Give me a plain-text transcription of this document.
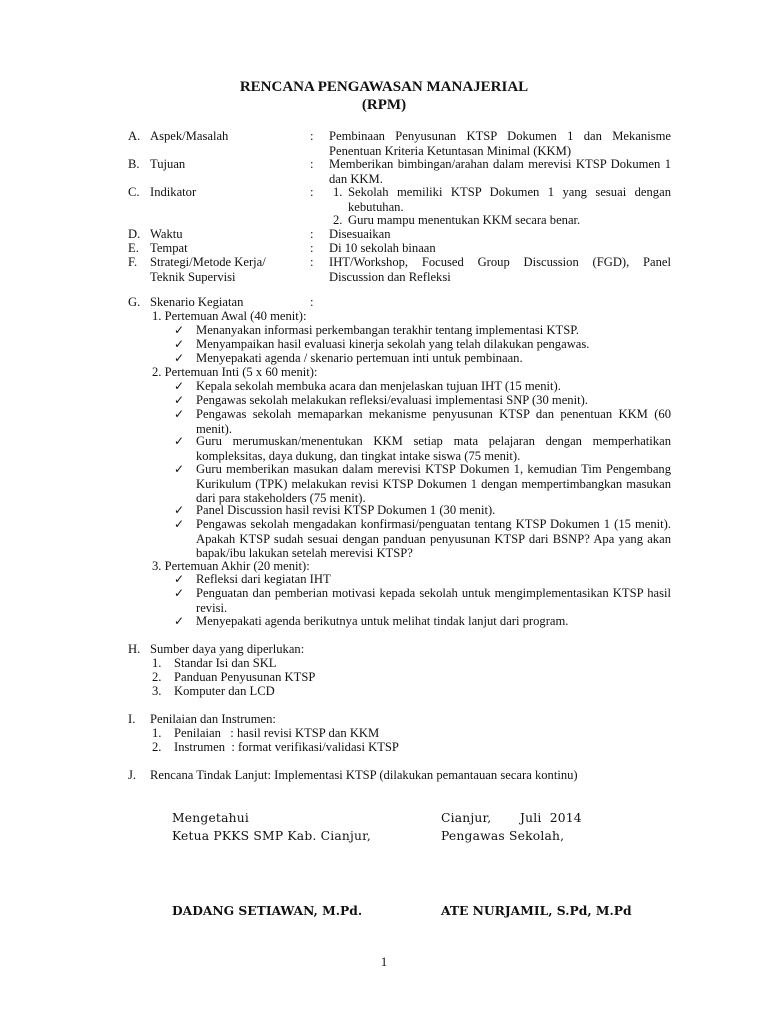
RENCANA PENGAWASAN MANAJERIAL
(RPM)
A. Aspek/Masalah	: Pembinaan Penyusunan KTSP Dokumen 1 dan Mekanisme Penentuan Kriteria Ketuntasan Minimal (KKM)
B. Tujuan	: Memberikan bimbingan/arahan dalam merevisi KTSP Dokumen 1 dan KKM.
C. Indikator	: 1. Sekolah memiliki KTSP Dokumen 1 yang sesuai dengan kebutuhan.
2. Guru mampu menentukan KKM secara benar.
D. Waktu	: Disesuaikan
E. Tempat	: Di 10 sekolah binaan
F. Strategi/Metode Kerja/ Teknik Supervisi
: IHT/Workshop, Focused Group Discussion (FGD), Panel Discussion dan Refleksi
G. Skenario Kegiatan	:
1. Pertemuan Awal (40 menit):
✓ Menanyakan informasi perkembangan terakhir tentang implementasi KTSP.
✓ Menyampaikan hasil evaluasi kinerja sekolah yang telah dilakukan pengawas.
✓ Menyepakati agenda / skenario pertemuan inti untuk pembinaan.
2. Pertemuan Inti (5 x 60 menit):
✓ Kepala sekolah membuka acara dan menjelaskan tujuan IHT (15 menit).
✓ Pengawas sekolah melakukan refleksi/evaluasi implementasi SNP (30 menit).
✓ Pengawas sekolah memaparkan mekanisme penyusunan KTSP dan penentuan KKM (60 menit).
✓ Guru merumuskan/menentukan KKM setiap mata pelajaran dengan memperhatikan kompleksitas, daya dukung, dan tingkat intake siswa (75 menit).
✓ Guru memberikan masukan dalam merevisi KTSP Dokumen 1, kemudian Tim Pengembang Kurikulum (TPK) melakukan revisi KTSP Dokumen 1 dengan mempertimbangkan masukan dari para stakeholders (75 menit).
✓ Panel Discussion hasil revisi KTSP Dokumen 1 (30 menit).
✓ Pengawas sekolah mengadakan konfirmasi/penguatan tentang KTSP Dokumen 1 (15 menit). Apakah KTSP sudah sesuai dengan panduan penyusunan KTSP dari BSNP? Apa yang akan bapak/ibu lakukan setelah merevisi KTSP?
3. Pertemuan Akhir (20 menit):
✓ Refleksi dari kegiatan IHT
✓ Penguatan dan pemberian motivasi kepada sekolah untuk mengimplementasikan KTSP hasil revisi.
✓ Menyepakati agenda berikutnya untuk melihat tindak lanjut dari program.
H. Sumber daya yang diperlukan:
1. Standar Isi dan SKL
2. Panduan Penyusunan KTSP
3. Komputer dan LCD
I. Penilaian dan Instrumen:
1. Penilaian   : hasil revisi KTSP dan KKM
2. Instrumen  : format verifikasi/validasi KTSP
J. Rencana Tindak Lanjut: Implementasi KTSP (dilakukan pemantauan secara kontinu)
Mengetahui
Ketua PKKS SMP Kab. Cianjur,
Cianjur, Juli  2014
Pengawas Sekolah,
DADANG SETIAWAN, M.Pd.	ATE NURJAMIL, S.Pd, M.Pd
1
